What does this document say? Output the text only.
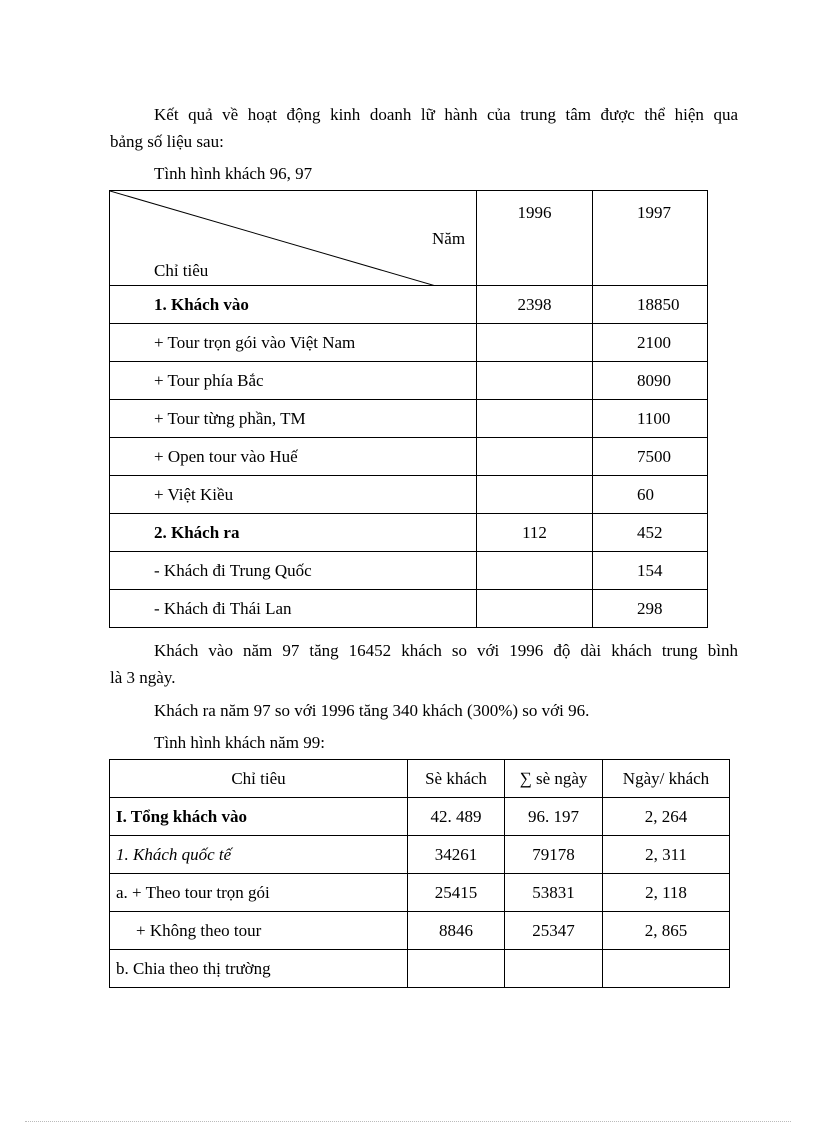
Kết quả về hoạt động kinh doanh lữ hành của trung tâm được thể hiện qua
bảng số liệu sau:
Tình hình khách 96, 97
Năm
Chỉ tiêu	1996	1997
1. Khách vào	2398	18850
+ Tour trọn gói vào Việt Nam		2100
+ Tour phía Bắc		8090
+ Tour từng phần, TM		1100
+ Open tour vào Huế		7500
+ Việt Kiều		60
2. Khách ra	112	452
- Khách đi Trung Quốc		154
- Khách đi Thái Lan		298
Khách vào năm 97 tăng 16452 khách so với 1996 độ dài khách trung bình
là 3 ngày.
Khách ra năm 97 so với 1996 tăng 340 khách (300%) so với 96.
Tình hình khách năm 99:
Chỉ tiêu	Sè khách	∑ sè ngày	Ngày/ khách
I. Tổng khách vào	42. 489	96. 197	2, 264
1. Khách quốc tế	34261	79178	2, 311
a. + Theo tour trọn gói	25415	53831	2, 118
+ Không theo tour	8846	25347	2, 865
b. Chia theo thị trường			
